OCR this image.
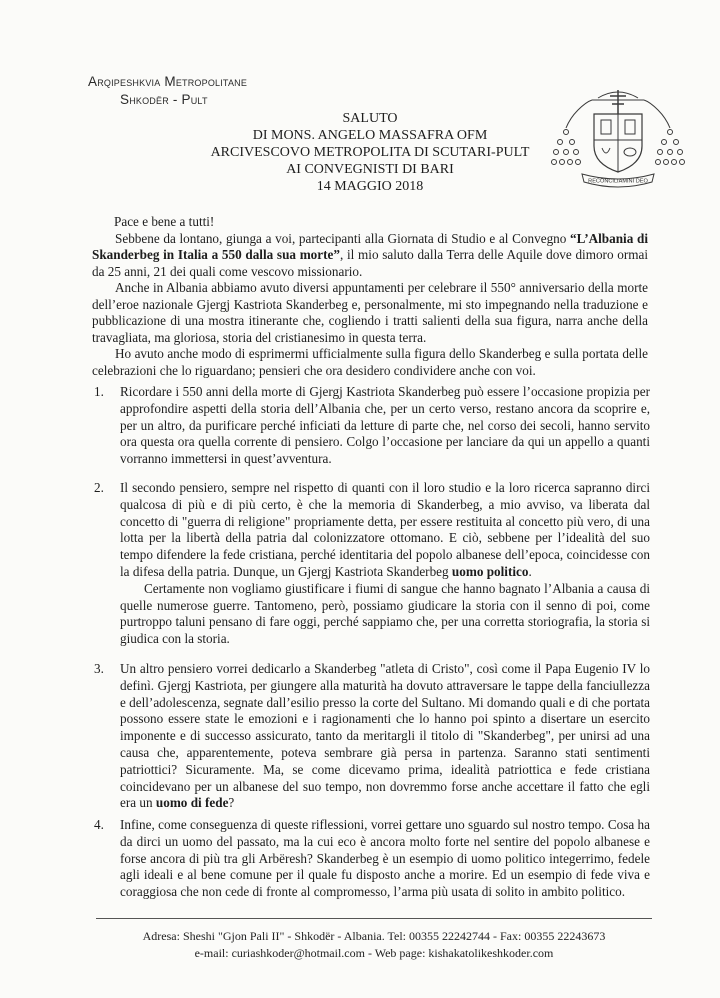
Arqipeshkvia Metropolitane
Shkodër - Pult
SALUTO
DI MONS. ANGELO MASSAFRA OFM
ARCIVESCOVO METROPOLITA DI SCUTARI-PULT
AI CONVEGNISTI DI BARI
14 MAGGIO 2018	RECONCILIAMINI DEO

Pace e bene a tutti!

Sebbene da lontano, giunga a voi, partecipanti alla Giornata di Studio e al Convegno “L’Albania di Skanderbeg in Italia a 550 dalla sua morte”, il mio saluto dalla Terra delle Aquile dove dimoro ormai da 25 anni, 21 dei quali come vescovo missionario.

Anche in Albania abbiamo avuto diversi appuntamenti per celebrare il 550° anniversario della morte dell’eroe nazionale Gjergj Kastriota Skanderbeg e, personalmente, mi sto impegnando nella traduzione e pubblicazione di una mostra itinerante che, cogliendo i tratti salienti della sua figura, narra anche della travagliata, ma gloriosa, storia del cristianesimo in questa terra.

Ho avuto anche modo di esprimermi ufficialmente sulla figura dello Skanderbeg e sulla portata delle celebrazioni che lo riguardano; pensieri che ora desidero condividere anche con voi.

1. Ricordare i 550 anni della morte di Gjergj Kastriota Skanderbeg può essere l’occasione propizia per approfondire aspetti della storia dell’Albania che, per un certo verso, restano ancora da scoprire e, per un altro, da purificare perché inficiati da letture di parte che, nel corso dei secoli, hanno servito ora questa ora quella corrente di pensiero. Colgo l’occasione per lanciare da qui un appello a quanti vorranno immettersi in quest’avventura.

2. Il secondo pensiero, sempre nel rispetto di quanti con il loro studio e la loro ricerca sapranno dirci qualcosa di più e di più certo, è che la memoria di Skanderbeg, a mio avviso, va liberata dal concetto di "guerra di religione" propriamente detta, per essere restituita al concetto più vero, di una lotta per la libertà della patria dal colonizzatore ottomano. E ciò, sebbene per l’idealità del suo tempo difendere la fede cristiana, perché identitaria del popolo albanese dell’epoca, coincidesse con la difesa della patria. Dunque, un Gjergj Kastriota Skanderbeg uomo politico.

Certamente non vogliamo giustificare i fiumi di sangue che hanno bagnato l’Albania a causa di quelle numerose guerre. Tantomeno, però, possiamo giudicare la storia con il senno di poi, come purtroppo taluni pensano di fare oggi, perché sappiamo che, per una corretta storiografia, la storia si giudica con la storia.

3. Un altro pensiero vorrei dedicarlo a Skanderbeg "atleta di Cristo", così come il Papa Eugenio IV lo definì. Gjergj Kastriota, per giungere alla maturità ha dovuto attraversare le tappe della fanciullezza e dell’adolescenza, segnate dall’esilio presso la corte del Sultano. Mi domando quali e di che portata possono essere state le emozioni e i ragionamenti che lo hanno poi spinto a disertare un esercito imponente e di successo assicurato, tanto da meritargli il titolo di "Skanderbeg", per unirsi ad una causa che, apparentemente, poteva sembrare già persa in partenza. Saranno stati sentimenti patriottici? Sicuramente. Ma, se come dicevamo prima, idealità patriottica e fede cristiana coincidevano per un albanese del suo tempo, non dovremmo forse anche accettare il fatto che egli era un uomo di fede?

4. Infine, come conseguenza di queste riflessioni, vorrei gettare uno sguardo sul nostro tempo. Cosa ha da dirci un uomo del passato, ma la cui eco è ancora molto forte nel sentire del popolo albanese e forse ancora di più tra gli Arbëresh? Skanderbeg è un esempio di uomo politico integerrimo, fedele agli ideali e al bene comune per il quale fu disposto anche a morire. Ed un esempio di fede viva e coraggiosa che non cede di fronte al compromesso, l’arma più usata di solito in ambito politico.

Adresa: Sheshi "Gjon Pali II" - Shkodër - Albania. Tel: 00355 22242744 - Fax: 00355 22243673
e-mail: curiashkoder@hotmail.com - Web page: kishakatolikeshkoder.com
